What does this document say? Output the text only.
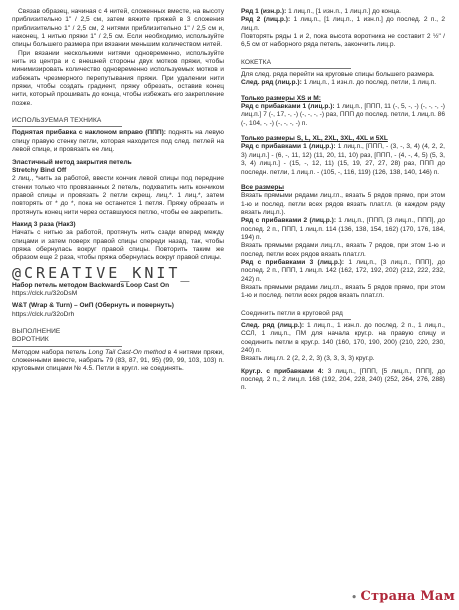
Связав образец, начиная с 4 нитей, сложенных вместе, на высоту приблизительно 1" / 2,5 см, затем вяжите пряжей в 3 сложения приблизительно 1" / 2,5 см, 2 нитями приблизительно 1" / 2,5 см и, наконец, 1 нитью пряжи 1" / 2,5 см. Если необходимо, используйте спицы большего размера при вязании меньшим количеством нитей.

При вязании несколькими нитями одновременно, используйте нить из центра и с внешней стороны двух мотков пряжи, чтобы минимизировать количество одновременно используемых мотков и избежать чрезмерного перепутывания пряжи. При удалении нити пряжи, чтобы создать градиент, пряжу обрезать, оставив конец нити, который прошивать до конца, чтобы избежать его закрепление позже.

ИСПОЛЬЗУЕМАЯ ТЕХНИКА

Поднятая прибавка с наклоном вправо (ППП): поднять на левую спицу правую стенку петли, которая находится под след. петлей на левой спице, и провязать ее лиц.

Эластичный метод закрытия петель

Stretchy Bind Off

2 лиц., *нить за работой, ввести кончик левой спицы под передние стенки только что провязанных 2 петель, подхватить нить кончиком правой спицы и провязать 2 петли скрещ. лиц.*. 1 лиц.*, затем повторять от * до *, пока не останется 1 петля. Пряжу обрезать и протянуть конец нити через оставшуюся петлю, чтобы ее закрепить.

Накид 3 раза (Нак3)

Начать с нитью за работой, протянуть нить сзади вперед между спицами и затем поверх правой спицы спереди назад, так, чтобы пряжа обернулась вокруг правой спицы. Повторить таким же образом еще 2 раза, чтобы пряжа обернулась вокруг правой спицы.

@CREATIVE_KNIT_

Набор петель методом Backwards Loop Cast On

https://clck.ru/32oDsM

W&T (Wrap & Turn) – ОиП (Обернуть и повернуть)

https://clck.ru/32oDrh

ВЫПОЛНЕНИЕ
ВОРОТНИК

Методом набора петель Long Tail Cast-On method в 4 нитями пряжи, сложенными вместе, набрать 79 (83, 87, 91, 95) (99, 99, 103, 103) п. круговыми спицами № 4.5. Петли в кругл. не соединять.

Ряд 1 (изн.р.): 1 лиц.п., [1 изн.п., 1 лиц.п.] до конца.

Ряд 2 (лиц.р.): 1 лиц.п., [1 лиц.п., 1 изн.п.] до послед. 2 п., 2 лиц.п.

Повторять ряды 1 и 2, пока высота воротника не составит 2 ½" / 6,5 см от наборного ряда петель, закончить лиц.р.

КОКЕТКА

Для след. ряда перейти на круговые спицы большего размера.

След. ряд (лиц.р.): 1 лиц.п., 1 изн.п. до послед. петли, 1 лиц.п.

Только размеры XS и M:

Ряд с прибавками 1 (лиц.р.): 1 лиц.п., [ППП, 11 (-, 5, -, -) (-, -, -, -) лиц.п.] 7 (-, 17, -, -) (-, -, -, -) раз, ППП до послед. петли, 1 лиц.п. 86 (-, 104, -, -) (-, -, -, -) п.

Только размеры S, L, XL, 2XL, 3XL, 4XL и 5XL

Ряд с прибавками 1 (лиц.р.): 1 лиц.п., [ППП, - (3, -, 3, 4) (4, 2, 2, 3) лиц.п.] - (6, -, 11, 12) (11, 20, 11, 10) раз, [ППП, - (4, -, 4, 5) (5, 3, 3, 4) лиц.п.] - (15, -, 12, 11) (15, 19, 27, 27, 28) раз, ППП до последн. петли, 1 лиц.п. - (105, -, 116, 119) (126, 138, 140, 146) п.

Все размеры

Вязать прямыми рядами лиц.гл., вязать 5 рядов прямо, при этом 1-ю и послед. петли всех рядов вязать плат.гл. (в каждом ряду вязать лиц.п.).

Ряд с прибавками 2 (лиц.р.): 1 лиц.п., [ППП, [3 лиц.п., ППП], до послед. 2 п., ППП, 1 лиц.п. 114 (136, 138, 154, 162) (170, 176, 184, 194) п.

Вязать прямыми рядами лиц.гл., вязать 7 рядов, при этом 1-ю и послед. петли всех рядов вязать плат.гл.

Ряд с прибавками 3 (лиц.р.): 1 лиц.п., [3 лиц.п., ППП], до послед. 2 п., ППП, 1 лиц.п. 142 (162, 172, 192, 202) (212, 222, 232, 242) п.

Вязать прямыми рядами лиц.гл., вязать 5 рядов прямо, при этом 1-ю и послед. петли всех рядов вязать плат.гл.

Соединить петли в круговой ряд

След. ряд (лиц.р.): 1 лиц.п., 1 изн.п. до послед. 2 п., 1 лиц.п., ССЛ, 1 лиц.п., ПМ для начала круг.р. на правую спицу и соединить петли в круг.р. 140 (160, 170, 190, 200) (210, 220, 230, 240) п.

Вязать лиц.гл. 2 (2, 2, 2, 3) (3, 3, 3, 3) круг.р.

Круг.р. с прибавками 4: 3 лиц.п., [ППП, [5 лиц.п., ППП], до послед. 2 п., 2 лиц.п. 168 (192, 204, 228, 240) (252, 264, 276, 288) п.

• Страна Мам
